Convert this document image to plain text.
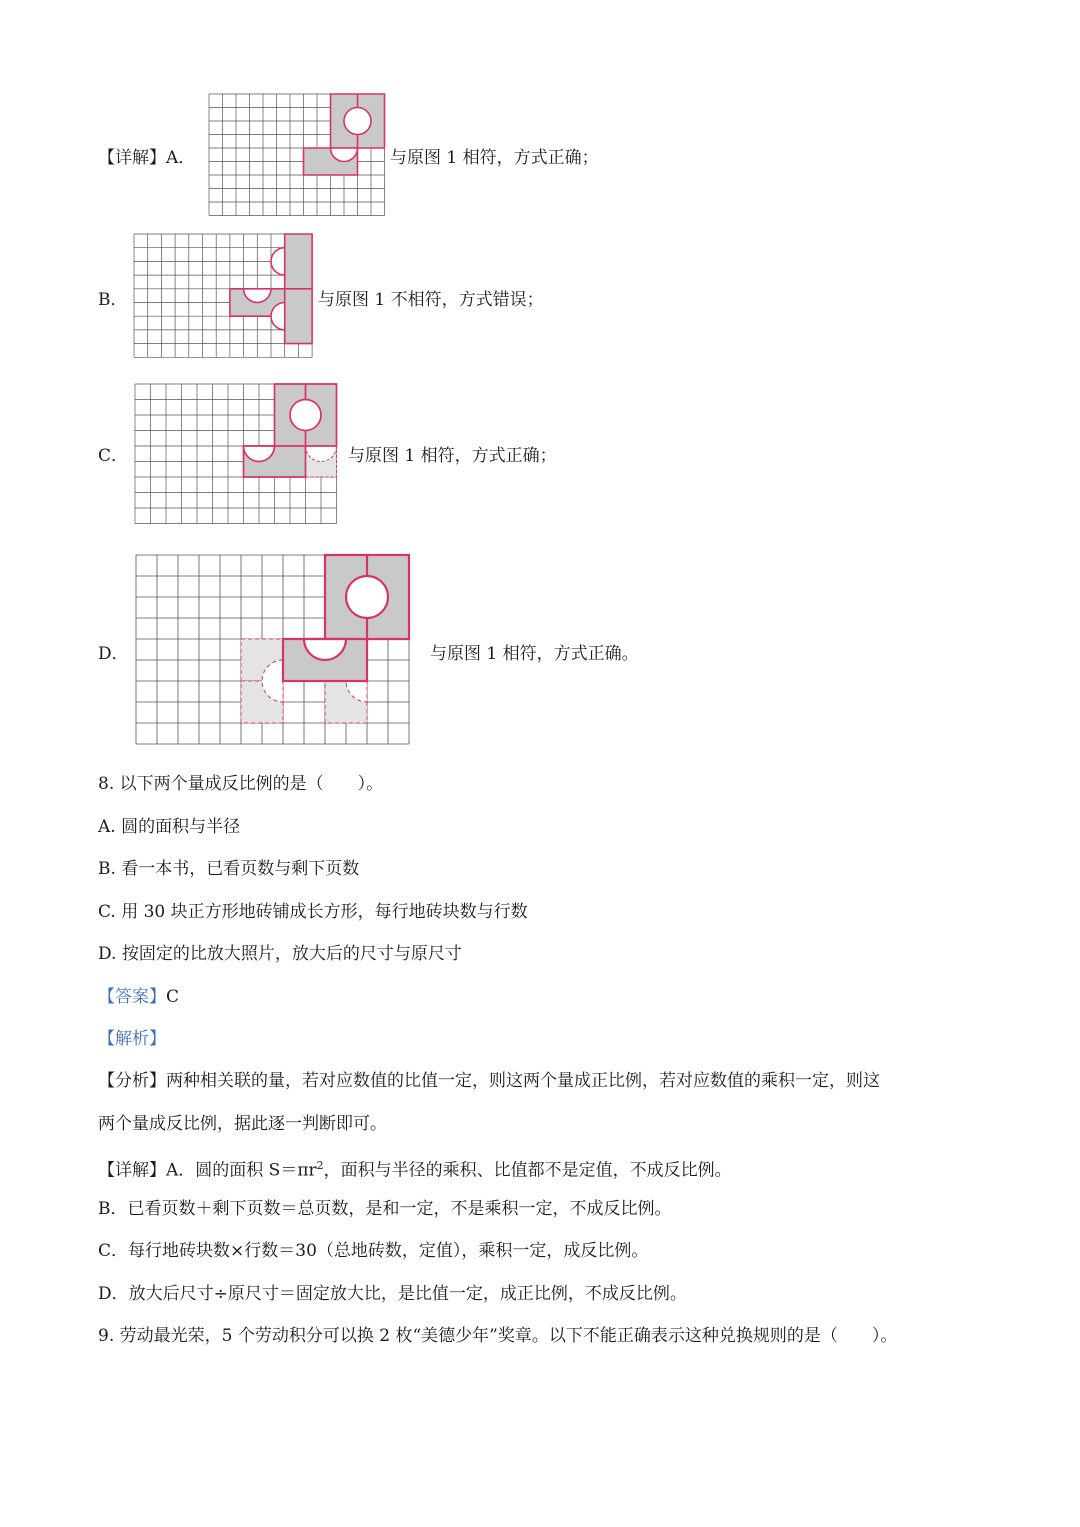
【详解】A．	与原图 1 相符，方式正确；
B．	与原图 1 不相符，方式错误；
C．	与原图 1 相符，方式正确；
D．	与原图 1 相符，方式正确。
8. 以下两个量成反比例的是（　　）。
A. 圆的面积与半径
B. 看一本书，已看页数与剩下页数
C. 用 30 块正方形地砖铺成长方形，每行地砖块数与行数
D. 按固定的比放大照片，放大后的尺寸与原尺寸
【答案】C
【解析】
【分析】两种相关联的量，若对应数值的比值一定，则这两个量成正比例，若对应数值的乘积一定，则这
两个量成反比例，据此逐一判断即可。
【详解】A．圆的面积 $S=\pi r^2$，面积与半径的乘积、比值都不是定值，不成反比例。
B．已看页数＋剩下页数＝总页数，是和一定，不是乘积一定，不成反比例。
C．每行地砖块数×行数＝30（总地砖数，定值），乘积一定，成反比例。
D．放大后尺寸÷原尺寸＝固定放大比，是比值一定，成正比例，不成反比例。
9. 劳动最光荣，5 个劳动积分可以换 2 枚“美德少年”奖章。以下不能正确表示这种兑换规则的是（　　）。
